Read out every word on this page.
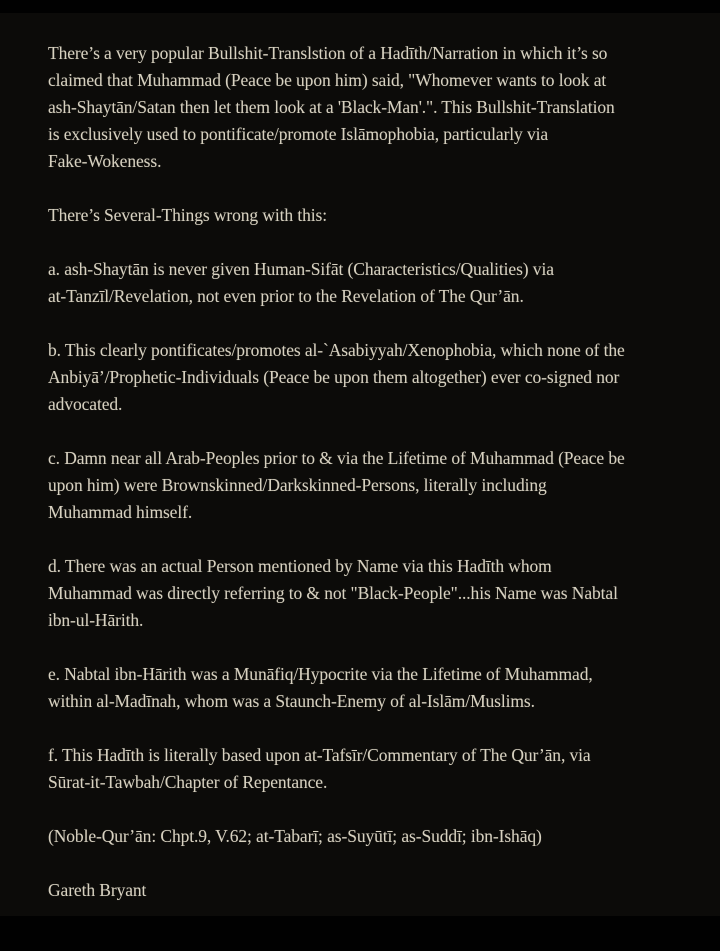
There’s a very popular Bullshit-Translstion of a Hadīth/Narration in which it’s so
claimed that Muhammad (Peace be upon him) said, "Whomever wants to look at
ash-Shaytān/Satan then let them look at a 'Black-Man'.". This Bullshit-Translation
is exclusively used to pontificate/promote Islāmophobia, particularly via
Fake-Wokeness.
There’s Several-Things wrong with this:
a. ash-Shaytān is never given Human-Sifāt (Characteristics/Qualities) via
at-Tanzīl/Revelation, not even prior to the Revelation of The Qur’ān.
b. This clearly pontificates/promotes al-`Asabiyyah/Xenophobia, which none of the
Anbiyā’/Prophetic-Individuals (Peace be upon them altogether) ever co-signed nor
advocated.
c. Damn near all Arab-Peoples prior to & via the Lifetime of Muhammad (Peace be
upon him) were Brownskinned/Darkskinned-Persons, literally including
Muhammad himself.
d. There was an actual Person mentioned by Name via this Hadīth whom
Muhammad was directly referring to & not "Black-People"...his Name was Nabtal
ibn-ul-Hārith.
e. Nabtal ibn-Hārith was a Munāfiq/Hypocrite via the Lifetime of Muhammad,
within al-Madīnah, whom was a Staunch-Enemy of al-Islām/Muslims.
f. This Hadīth is literally based upon at-Tafsīr/Commentary of The Qur’ān, via
Sūrat-it-Tawbah/Chapter of Repentance.
(Noble-Qur’ān: Chpt.9, V.62; at-Tabarī; as-Suyūtī; as-Suddī; ibn-Ishāq)
Gareth Bryant
